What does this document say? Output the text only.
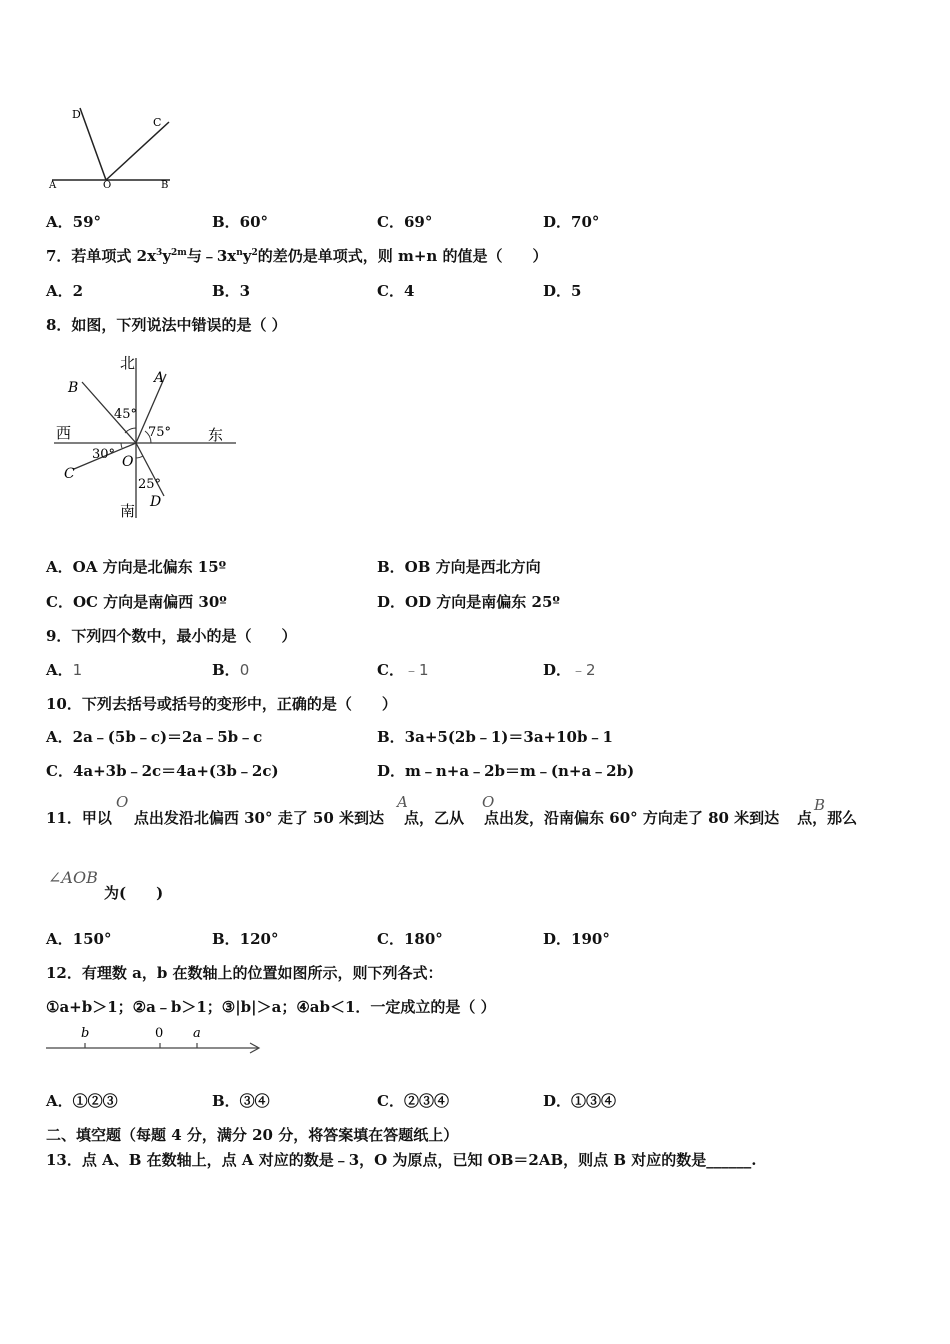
D
C
A	O	B
A．59°	B．60°	C．69°	D．70°
7．若单项式 $2x^3y^{2m}$与$﹣3x^ny^2$的差仍是单项式，则 m+n 的值是（　　）
A．2	B．3	C．4	D．5
8．如图，下列说法中错误的是（ ）
北
南
西	东
A
B
C
D
O
45°
75°
30°
25°
A．OA 方向是北偏东 15º	B．OB 方向是西北方向
C．OC 方向是南偏西 30º	D．OD 方向是南偏东 25º
9．下列四个数中，最小的是（　　）
A．1	B．0	C．﹣1	D．﹣2
10．下列去括号或括号的变形中，正确的是（　　）
A．2a﹣(5b﹣c)＝2a﹣5b﹣c	B．3a+5(2b﹣1)＝3a+10b﹣1
C．4a+3b﹣2c＝4a+(3b﹣2c)	D．m﹣n+a﹣2b＝m﹣(n+a﹣2b)
11．甲以 点出发沿北偏西 30° 走了 50 米到达 点，乙从 点出发，沿南偏东 60° 方向走了 80 米到达 点，那么
O	A	O	B
∠AOB
为(　　)
A．150°	B．120°	C．180°	D．190°
12．有理数 a，b 在数轴上的位置如图所示，则下列各式：
①a+b＞1；②a﹣b＞1；③|b|＞a；④ab＜1．一定成立的是（ ）
b	0 a
A．①②③	B．③④	C．②③④	D．①③④
二、填空题（每题 4 分，满分 20 分，将答案填在答题纸上）
13．点 A、B 在数轴上，点 A 对应的数是﹣3，O 为原点，已知 OB＝2AB，则点 B 对应的数是______.
